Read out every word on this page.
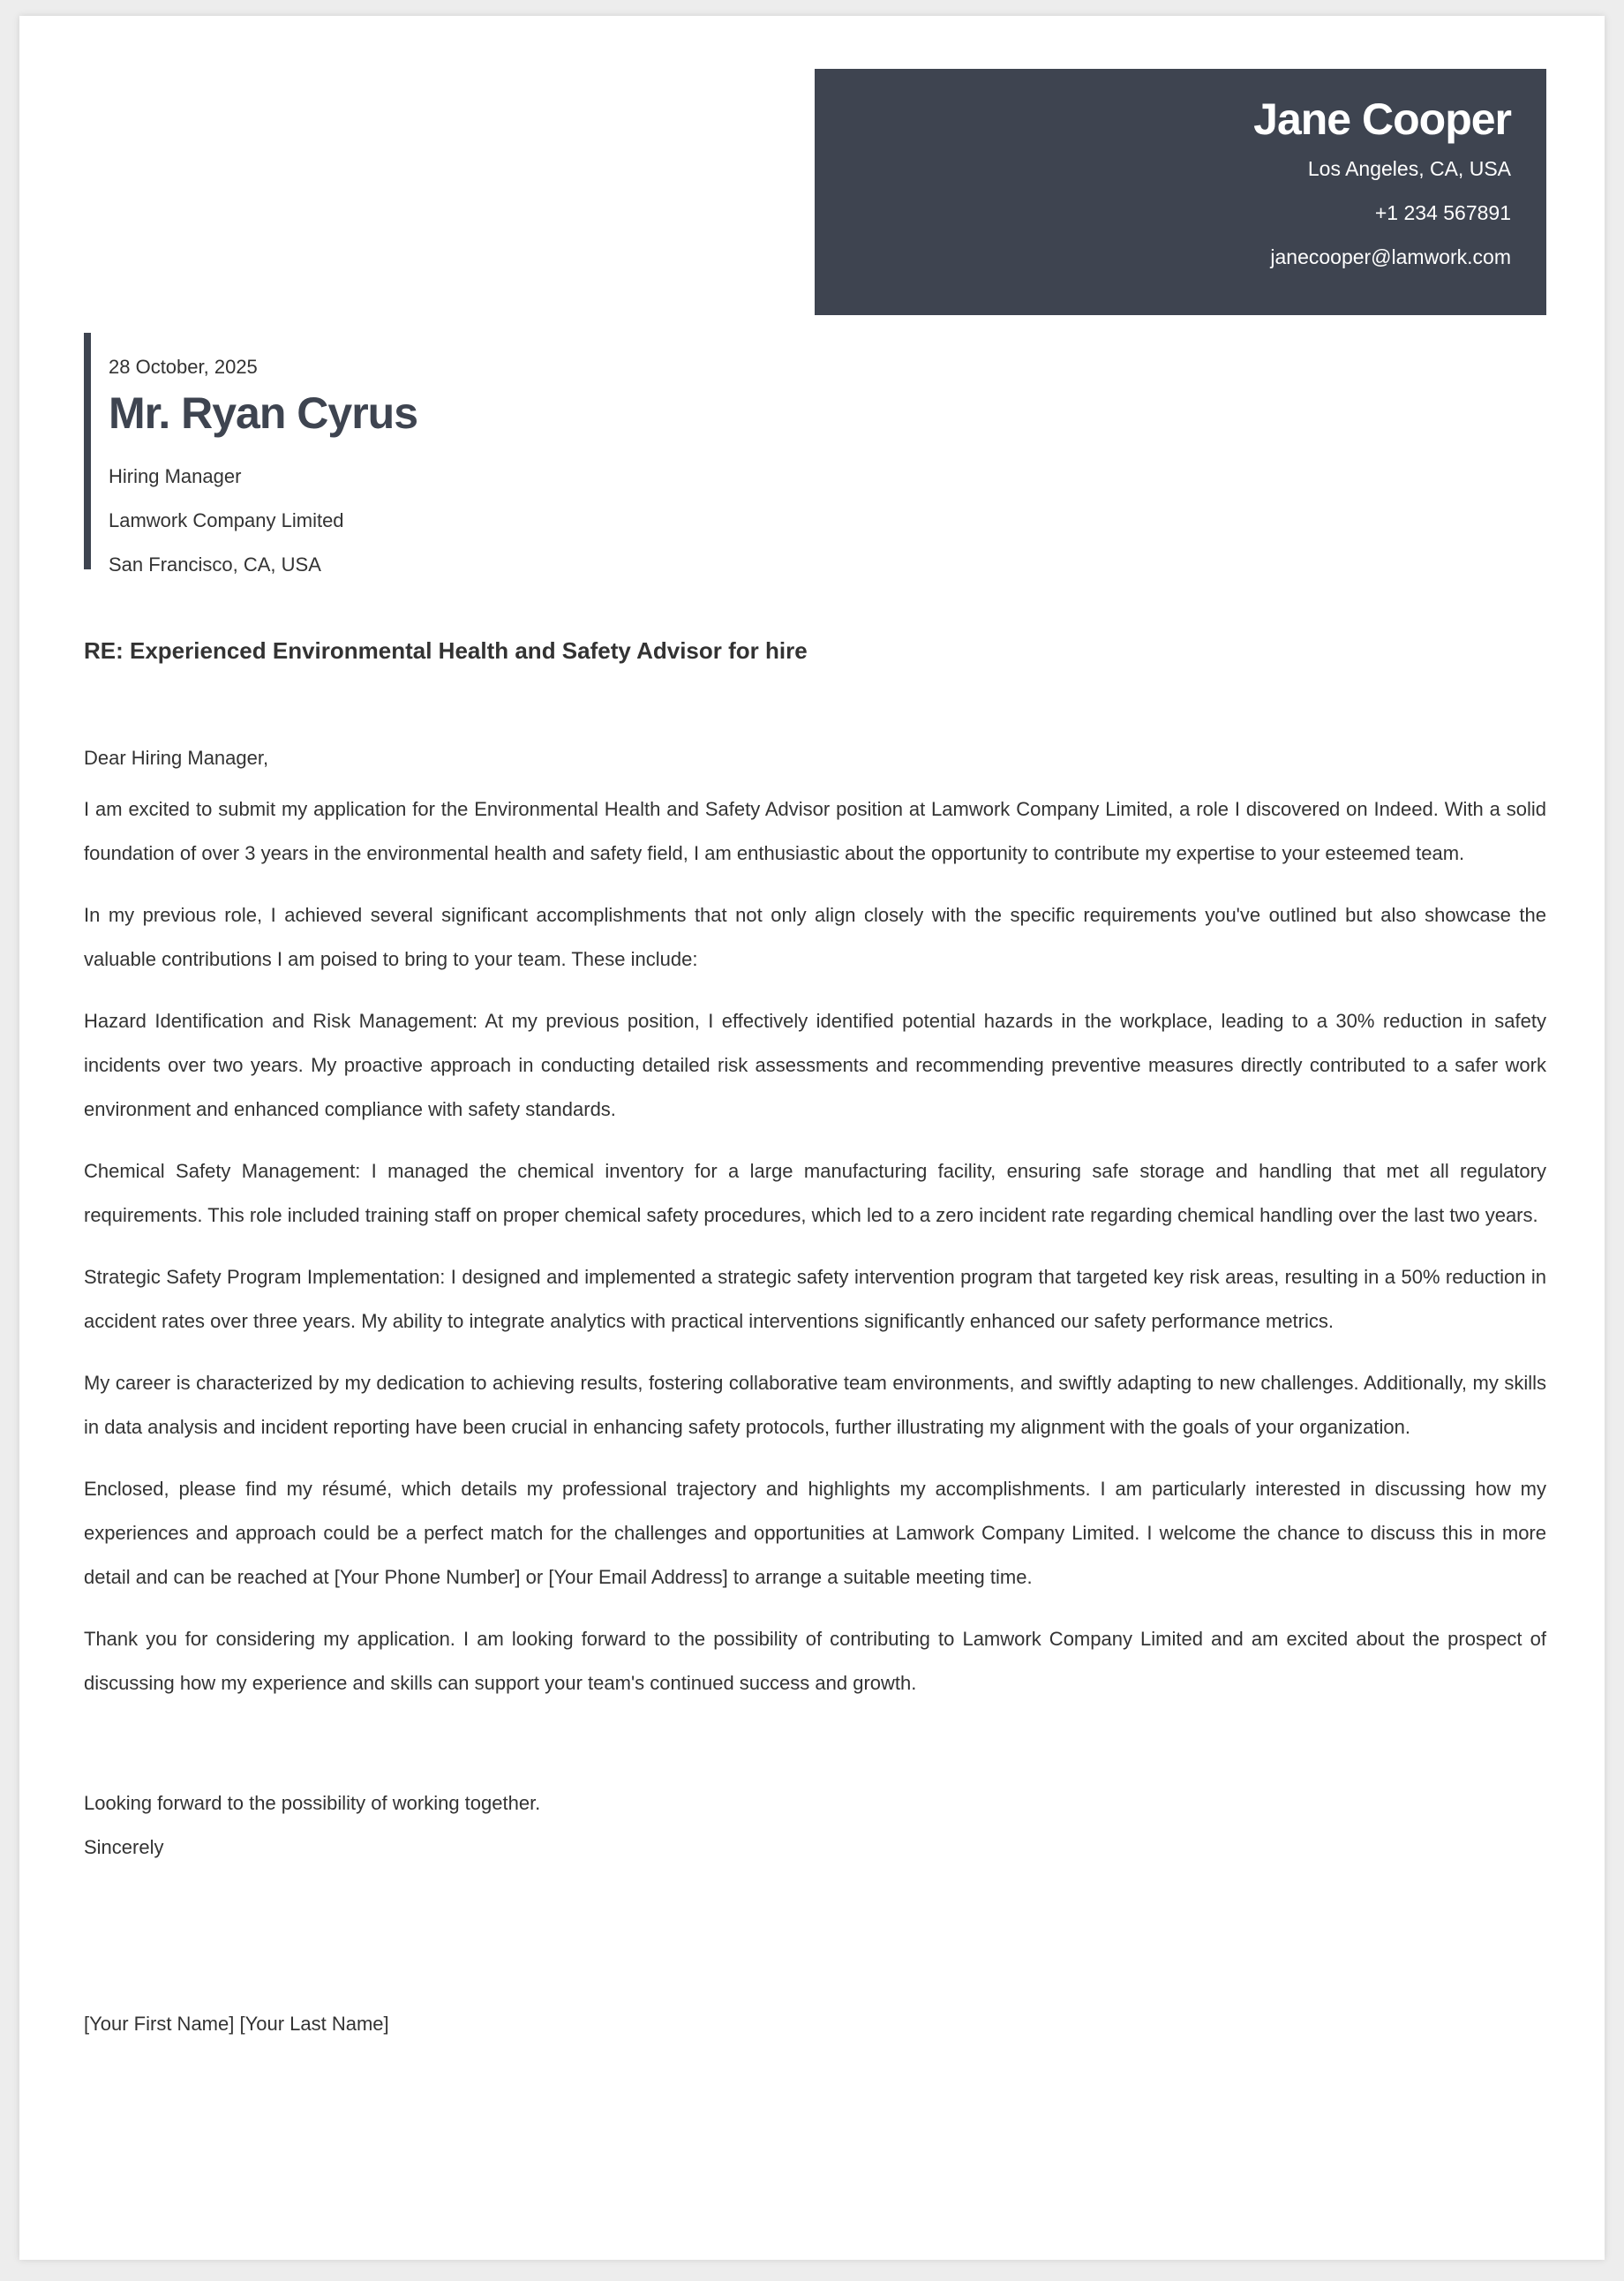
Jane Cooper
Los Angeles, CA, USA
+1 234 567891
janecooper@lamwork.com
28 October, 2025
Mr. Ryan Cyrus
Hiring Manager
Lamwork Company Limited
San Francisco, CA, USA
RE: Experienced Environmental Health and Safety Advisor for hire
Dear Hiring Manager,
I am excited to submit my application for the Environmental Health and Safety Advisor position at Lamwork Company Limited, a role I discovered on Indeed. With a solid foundation of over 3 years in the environmental health and safety field, I am enthusiastic about the opportunity to contribute my expertise to your esteemed team.
In my previous role, I achieved several significant accomplishments that not only align closely with the specific requirements you've outlined but also showcase the valuable contributions I am poised to bring to your team. These include:
Hazard Identification and Risk Management: At my previous position, I effectively identified potential hazards in the workplace, leading to a 30% reduction in safety incidents over two years. My proactive approach in conducting detailed risk assessments and recommending preventive measures directly contributed to a safer work environment and enhanced compliance with safety standards.
Chemical Safety Management: I managed the chemical inventory for a large manufacturing facility, ensuring safe storage and handling that met all regulatory requirements. This role included training staff on proper chemical safety procedures, which led to a zero incident rate regarding chemical handling over the last two years.
Strategic Safety Program Implementation: I designed and implemented a strategic safety intervention program that targeted key risk areas, resulting in a 50% reduction in accident rates over three years. My ability to integrate analytics with practical interventions significantly enhanced our safety performance metrics.
My career is characterized by my dedication to achieving results, fostering collaborative team environments, and swiftly adapting to new challenges. Additionally, my skills in data analysis and incident reporting have been crucial in enhancing safety protocols, further illustrating my alignment with the goals of your organization.
Enclosed, please find my résumé, which details my professional trajectory and highlights my accomplishments. I am particularly interested in discussing how my experiences and approach could be a perfect match for the challenges and opportunities at Lamwork Company Limited. I welcome the chance to discuss this in more detail and can be reached at [Your Phone Number] or [Your Email Address] to arrange a suitable meeting time.
Thank you for considering my application. I am looking forward to the possibility of contributing to Lamwork Company Limited and am excited about the prospect of discussing how my experience and skills can support your team's continued success and growth.
Looking forward to the possibility of working together.
Sincerely
[Your First Name] [Your Last Name]
